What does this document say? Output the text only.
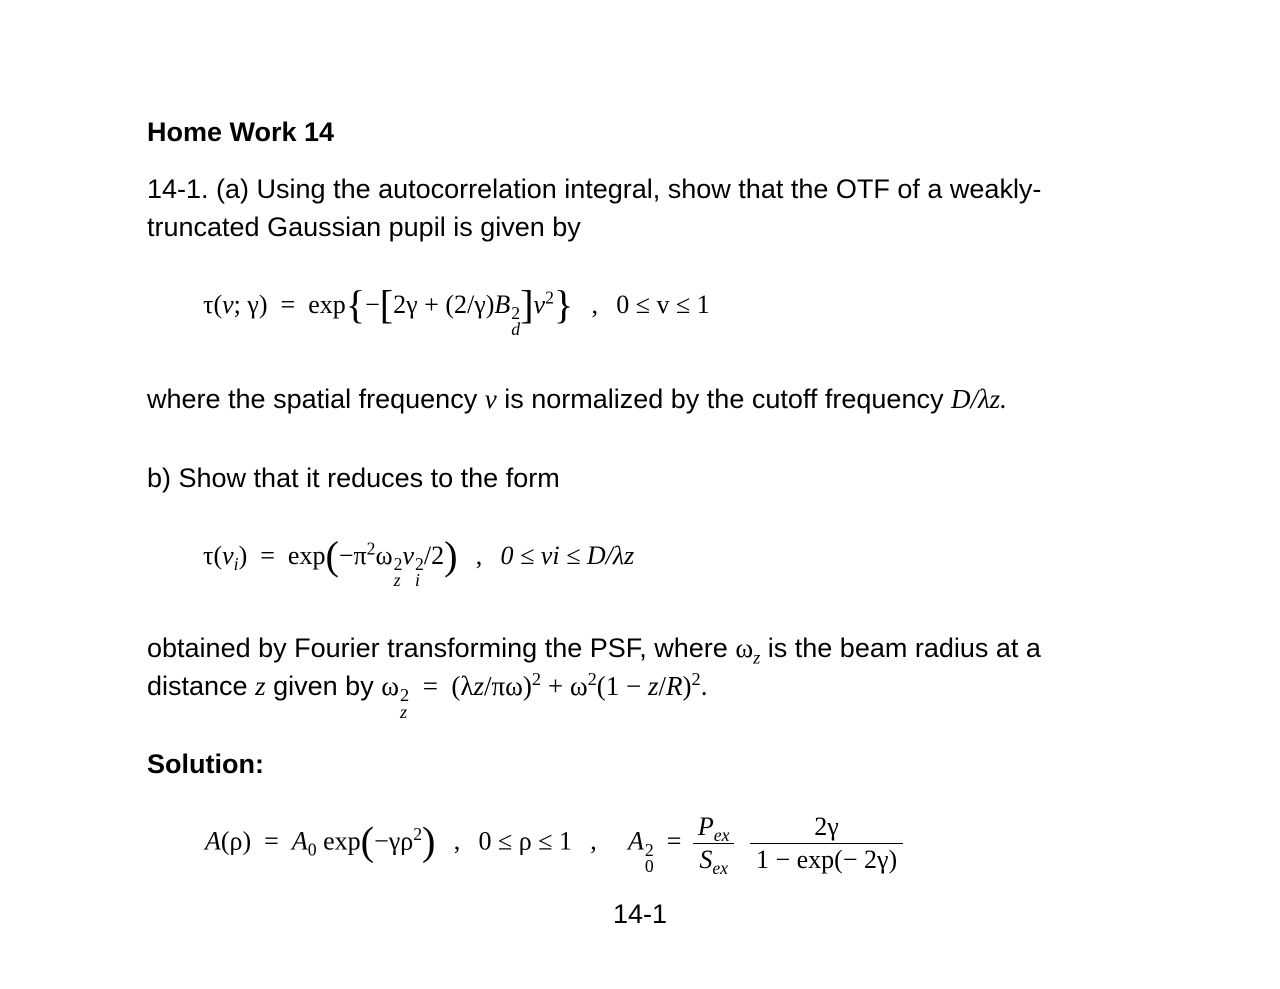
Home Work 14
14-1. (a) Using the autocorrelation integral, show that the OTF of a weakly-
truncated Gaussian pupil is given by
τ(v; γ)  =  exp{−[2γ + (2/γ)B 2
d
]$v^2$} , 0 ≤ v ≤ 1
where the spatial frequency v is normalized by the cutoff frequency D/λz.
b) Show that it reduces to the form
$\tau(v_i) = \exp(-\pi^2\omega$ 2
z
v 2
i
/2) , 0 ≤ vi ≤ D/λz
obtained by Fourier transforming the PSF, where $\omega_z$ is the beam radius at a
distance z given by ω 2
z
=  $(\lambda z/\pi\omega)^2 + \omega^2(1 - z/R)^2$.
Solution:
$A(\rho) = A_0$ $\exp(-\gamma\rho^2)$ , 0 ≤ ρ ≤ 1 , A 2
0
= $\frac{P_{ex}}{S_{ex}}$
$\frac{2\gamma}{1 - \exp(- 2\gamma)}$
14-1
